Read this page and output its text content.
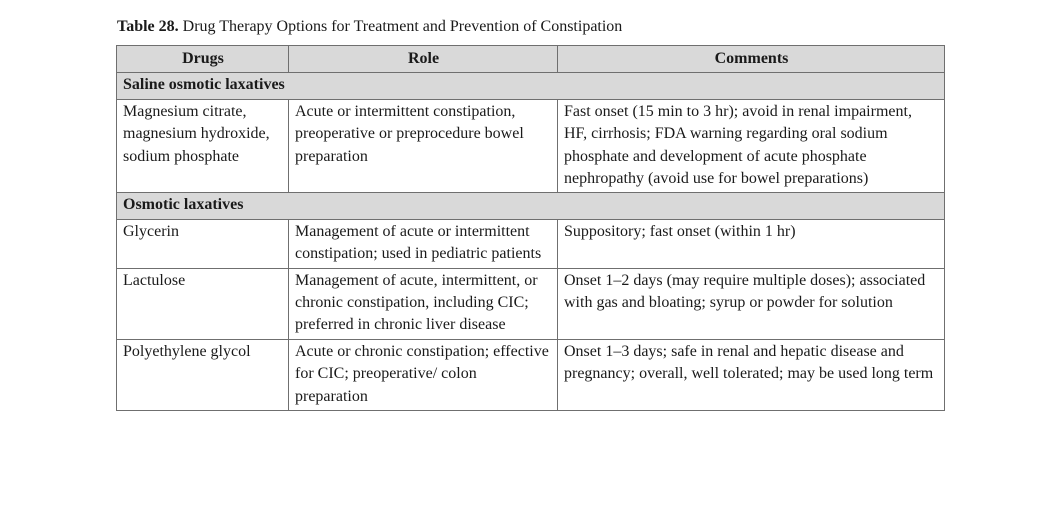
Table 28. Drug Therapy Options for Treatment and Prevention of Constipation
Drugs	Role	Comments
Saline osmotic laxatives		
Magnesium citrate, magnesium hydroxide, sodium phosphate	Acute or intermittent constipation, preoperative or preprocedure bowel preparation	Fast onset (15 min to 3 hr); avoid in renal impairment, HF, cirrhosis; FDA warning regarding oral sodium phosphate and development of acute phosphate nephropathy (avoid use for bowel preparations)
Osmotic laxatives		
Glycerin	Management of acute or intermittent constipation; used in pediatric patients	Suppository; fast onset (within 1 hr)
Lactulose	Management of acute, intermittent, or chronic constipation, including CIC; preferred in chronic liver disease	Onset 1–2 days (may require multiple doses); associated with gas and bloating; syrup or powder for solution
Polyethylene glycol	Acute or chronic constipation; effective for CIC; preoperative/ colon preparation	Onset 1–3 days; safe in renal and hepatic disease and pregnancy; overall, well tolerated; may be used long term
